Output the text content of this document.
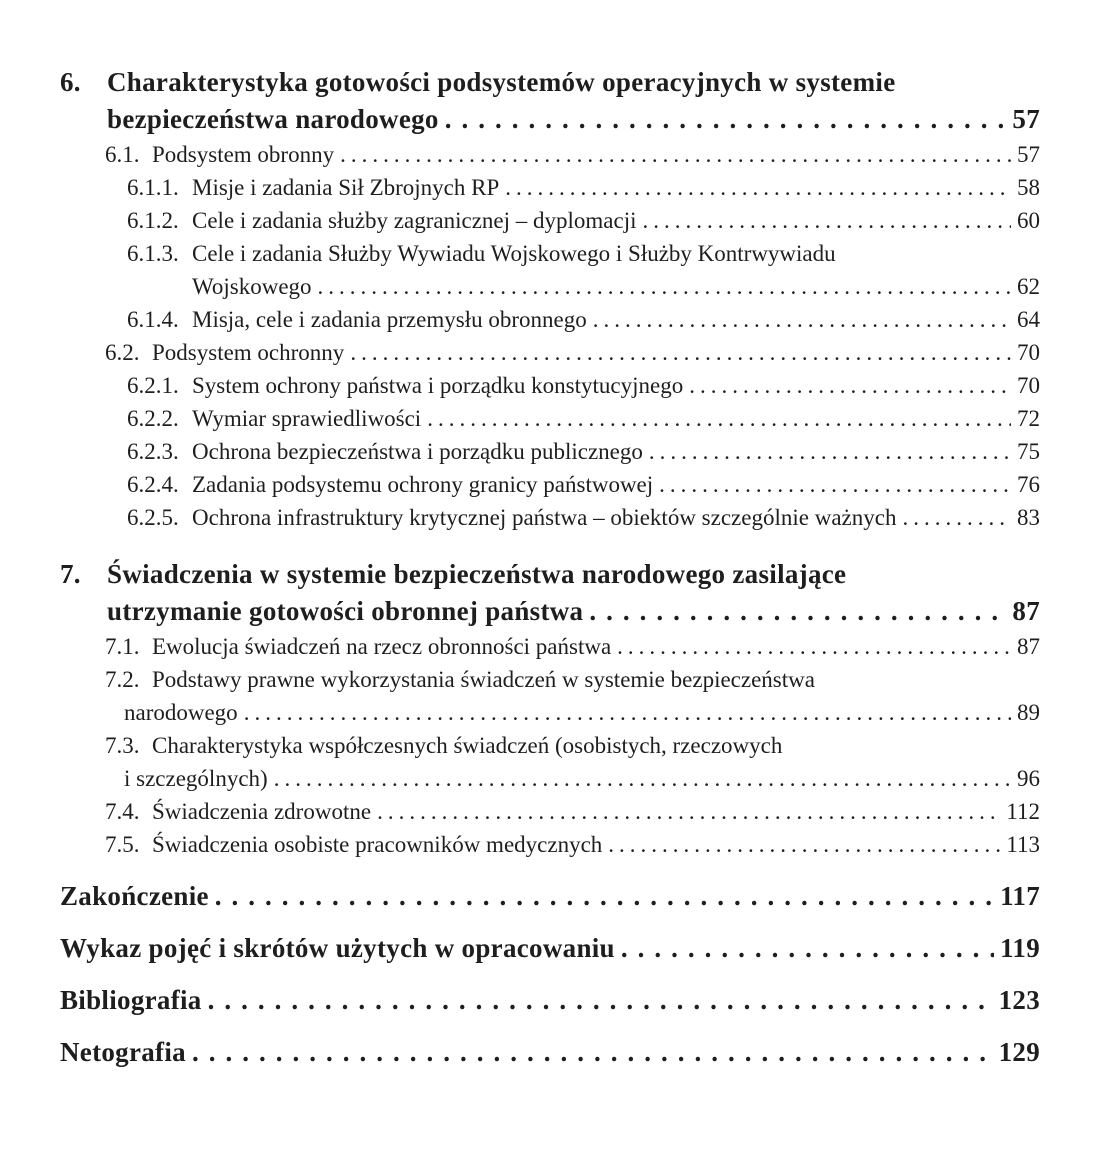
6. Charakterystyka gotowości podsystemów operacyjnych w systemie
bezpieczeństwa narodowego .....	57
6.1. Podsystem obronny .....	57
6.1.1. Misje i zadania Sił Zbrojnych RP .....	58
6.1.2. Cele i zadania służby zagranicznej – dyplomacji .....	60
6.1.3. Cele i zadania Służby Wywiadu Wojskowego i Służby Kontrwywiadu
Wojskowego .....	62
6.1.4. Misja, cele i zadania przemysłu obronnego .....	64
6.2. Podsystem ochronny .....	70
6.2.1. System ochrony państwa i porządku konstytucyjnego .....	70
6.2.2. Wymiar sprawiedliwości .....	72
6.2.3. Ochrona bezpieczeństwa i porządku publicznego .....	75
6.2.4. Zadania podsystemu ochrony granicy państwowej .....	76
6.2.5. Ochrona infrastruktury krytycznej państwa – obiektów szczególnie ważnych .....	83
7. Świadczenia w systemie bezpieczeństwa narodowego zasilające
utrzymanie gotowości obronnej państwa .....	87
7.1. Ewolucja świadczeń na rzecz obronności państwa .....	87
7.2. Podstawy prawne wykorzystania świadczeń w systemie bezpieczeństwa
narodowego .....	89
7.3. Charakterystyka współczesnych świadczeń (osobistych, rzeczowych
i szczególnych) .....	96
7.4. Świadczenia zdrowotne .....	112
7.5. Świadczenia osobiste pracowników medycznych .....	113
Zakończenie .....	117
Wykaz pojęć i skrótów użytych w opracowaniu .....	119
Bibliografia .....	123
Netografia .....	129
